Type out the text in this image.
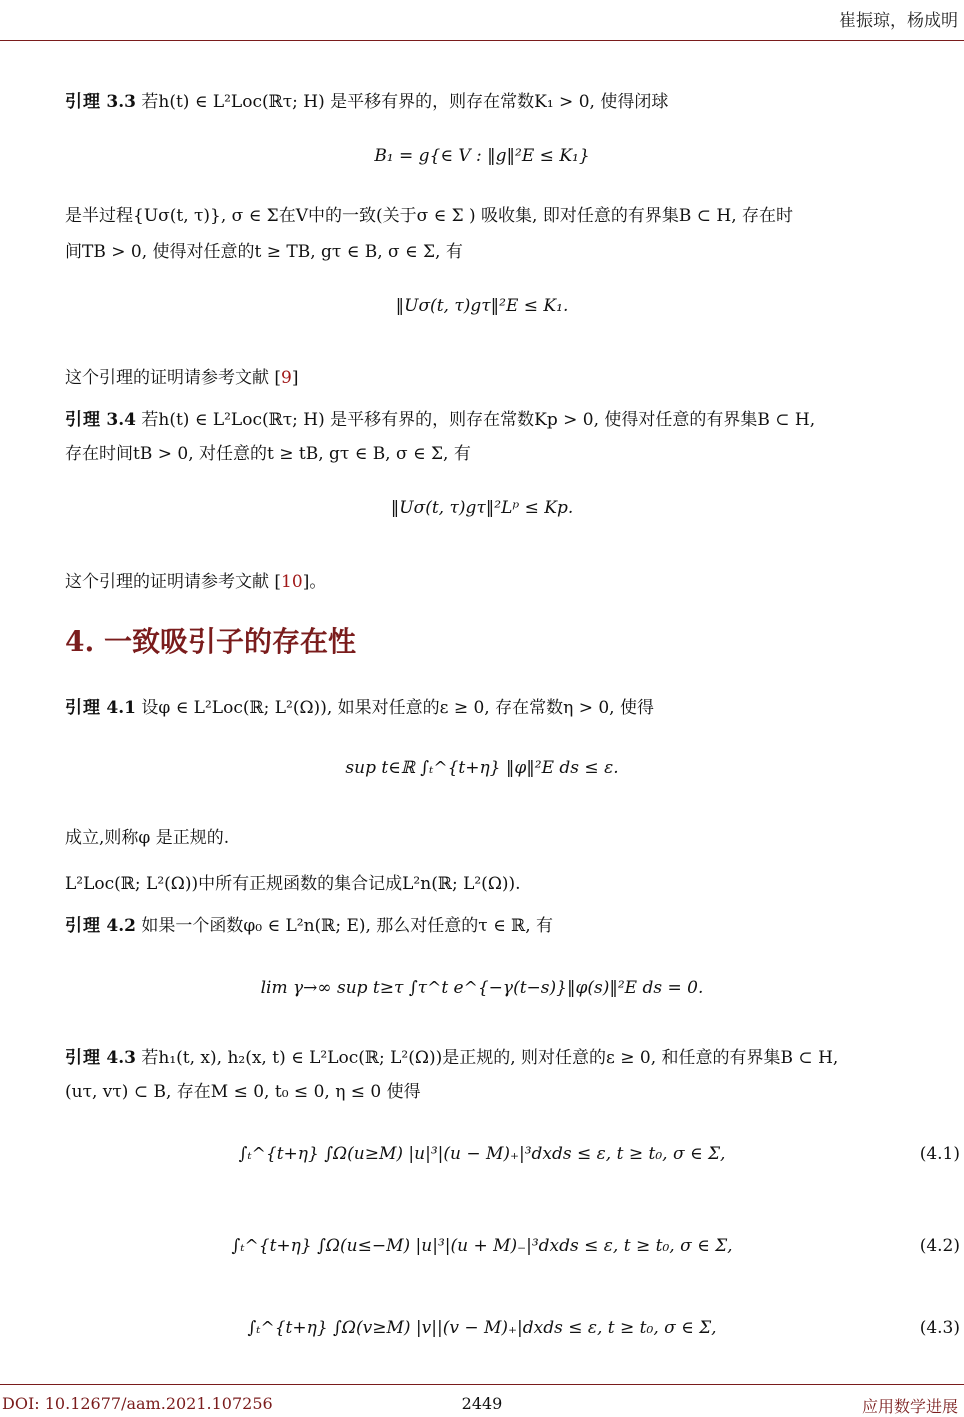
崔振琼，杨成明
引理 3.3 若h(t) ∈ L²Loc(ℝτ; H) 是平移有界的，则存在常数K₁ > 0, 使得闭球
B₁ = g{∈ V : ‖g‖²E ≤ K₁}
是半过程{Uσ(t, τ)}, σ ∈ Σ在V中的一致(关于σ ∈ Σ ) 吸收集, 即对任意的有界集B ⊂ H, 存在时
间TB > 0, 使得对任意的t ≥ TB, gτ ∈ B, σ ∈ Σ, 有
‖Uσ(t, τ)gτ‖²E ≤ K₁.
这个引理的证明请参考文献 [9]
引理 3.4 若h(t) ∈ L²Loc(ℝτ; H) 是平移有界的，则存在常数Kp > 0, 使得对任意的有界集B ⊂ H,
存在时间tB > 0, 对任意的t ≥ tB, gτ ∈ B, σ ∈ Σ, 有
‖Uσ(t, τ)gτ‖²Lᵖ ≤ Kp.
这个引理的证明请参考文献 [10]。
4. 一致吸引子的存在性
引理 4.1 设φ ∈ L²Loc(ℝ; L²(Ω)), 如果对任意的ε ≥ 0, 存在常数η > 0, 使得
sup t∈ℝ ∫ₜ^{t+η} ‖φ‖²E ds ≤ ε.
成立,则称φ 是正规的.
L²Loc(ℝ; L²(Ω))中所有正规函数的集合记成L²n(ℝ; L²(Ω)).
引理 4.2 如果一个函数φ₀ ∈ L²n(ℝ; E), 那么对任意的τ ∈ ℝ, 有
lim γ→∞ sup t≥τ ∫τ^t e^{−γ(t−s)}‖φ(s)‖²E ds = 0.
引理 4.3 若h₁(t, x), h₂(x, t) ∈ L²Loc(ℝ; L²(Ω))是正规的, 则对任意的ε ≥ 0, 和任意的有界集B ⊂ H,
(uτ, vτ) ⊂ B, 存在M ≤ 0, t₀ ≤ 0, η ≤ 0 使得
∫ₜ^{t+η} ∫Ω(u≥M) |u|³|(u − M)₊|³dxds ≤ ε, t ≥ t₀, σ ∈ Σ,	(4.1)
∫ₜ^{t+η} ∫Ω(u≤−M) |u|³|(u + M)₋|³dxds ≤ ε, t ≥ t₀, σ ∈ Σ,	(4.2)
∫ₜ^{t+η} ∫Ω(v≥M) |v||(v − M)₊|dxds ≤ ε, t ≥ t₀, σ ∈ Σ,	(4.3)
DOI: 10.12677/aam.2021.107256	2449	应用数学进展
